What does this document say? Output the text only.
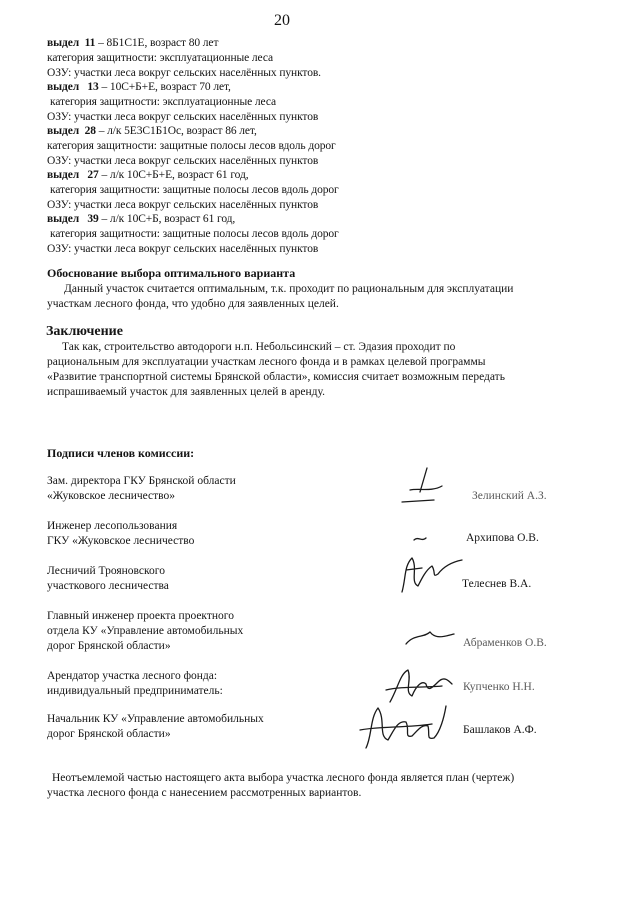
20
выдел 11 – 8Б1С1Е, возраст 80 лет
категория защитности: эксплуатационные леса
ОЗУ: участки леса вокруг сельских населённых пунктов.
выдел 13 – 10С+Б+Е, возраст 70 лет,
категория защитности: эксплуатационные леса
ОЗУ: участки леса вокруг сельских населённых пунктов
выдел 28 – л/к 5Е3С1Б1Ос, возраст 86 лет,
категория защитности: защитные полосы лесов вдоль дорог
ОЗУ: участки леса вокруг сельских населённых пунктов
выдел 27 – л/к 10С+Б+Е, возраст 61 год,
категория защитности: защитные полосы лесов вдоль дорог
ОЗУ: участки леса вокруг сельских населённых пунктов
выдел 39 – л/к 10С+Б, возраст 61 год,
категория защитности: защитные полосы лесов вдоль дорог
ОЗУ: участки леса вокруг сельских населённых пунктов
Обоснование выбора оптимального варианта
Данный участок считается оптимальным, т.к. проходит по рациональным для эксплуатации
участкам лесного фонда, что удобно для заявленных целей.
Заключение
Так как, строительство автодороги н.п. Небольсинский – ст. Эдазия проходит по
рациональным для эксплуатации участкам лесного фонда и в рамках целевой программы
«Развитие транспортной системы Брянской области», комиссия считает возможным передать
испрашиваемый участок для заявленных целей в аренду.
Подписи членов комиссии:
Зам. директора ГКУ Брянской области
«Жуковское лесничество»	Зелинский А.З.
Инженер лесопользования
ГКУ «Жуковское лесничество	Архипова О.В.
Лесничий Трояновского
участкового лесничества	Телеснев В.А.
Главный инженер проекта проектного
отдела КУ «Управление автомобильных
дорог Брянской области»	Абраменков О.В.
Арендатор участка лесного фонда:
индивидуальный предприниматель:	Купченко Н.Н.
Начальник КУ «Управление автомобильных
дорог Брянской области»	Башлаков А.Ф.
Неотъемлемой частью настоящего акта выбора участка лесного фонда является план (чертеж)
участка лесного фонда с нанесением рассмотренных вариантов.
